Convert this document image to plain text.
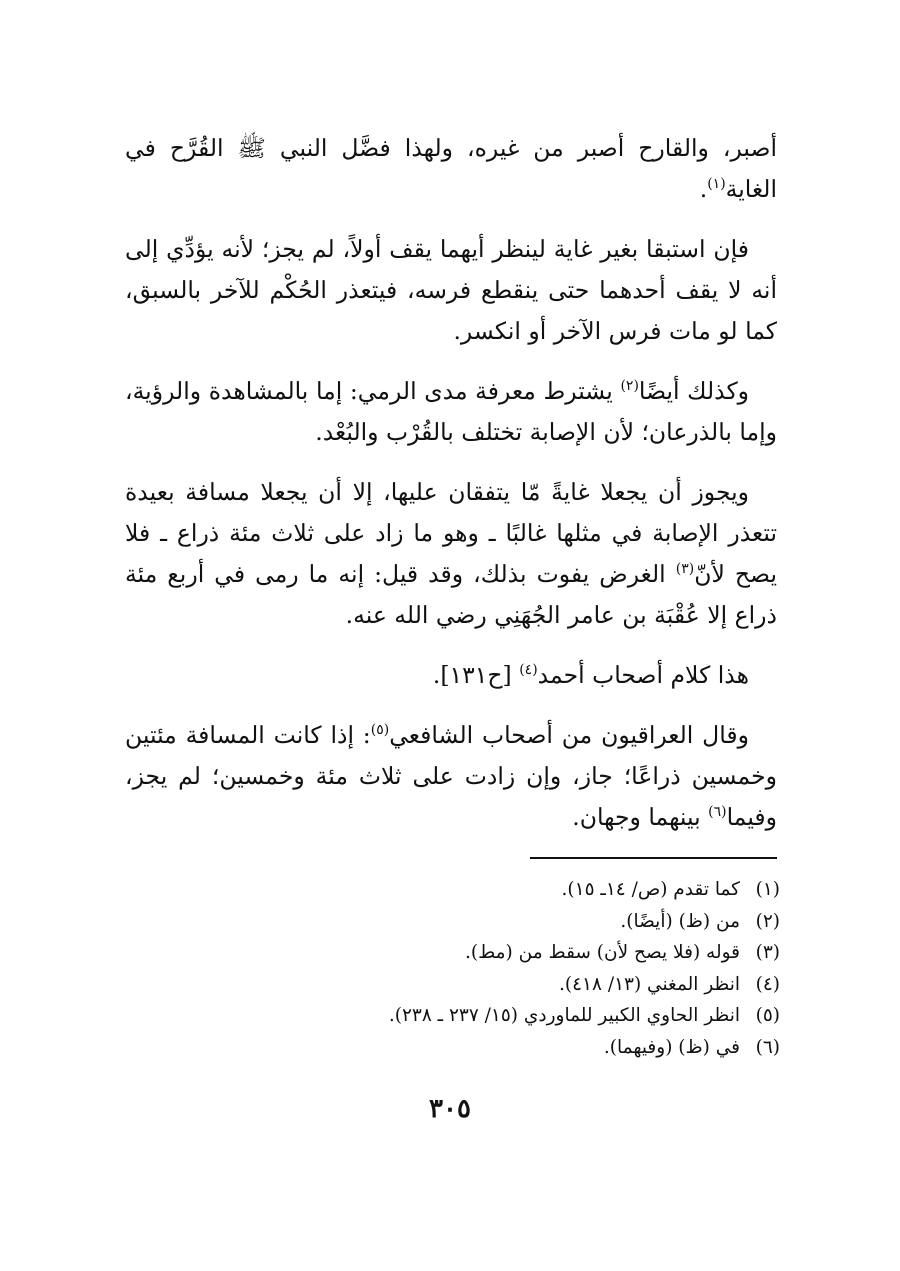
أصبر، والقارح أصبر من غيره، ولهذا فضَّل النبي ﷺ القُرَّح في الغاية$^{(١)}$.

فإن استبقا بغير غاية لينظر أيهما يقف أولاً، لم يجز؛ لأنه يؤدِّي إلى أنه لا يقف أحدهما حتى ينقطع فرسه، فيتعذر الحُكْم للآخر بالسبق، كما لو مات فرس الآخر أو انكسر.

وكذلك أيضًا$^{(٢)}$ يشترط معرفة مدى الرمي: إما بالمشاهدة والرؤية، وإما بالذرعان؛ لأن الإصابة تختلف بالقُرْب والبُعْد.

ويجوز أن يجعلا غايةً مّا يتفقان عليها، إلا أن يجعلا مسافة بعيدة تتعذر الإصابة في مثلها غالبًا ـ وهو ما زاد على ثلاث مئة ذراع ـ فلا يصح لأنّ$^{(٣)}$ الغرض يفوت بذلك، وقد قيل: إنه ما رمى في أربع مئة ذراع إلا عُقْبَة بن عامر الجُهَنِي رضي الله عنه.

هذا كلام أصحاب أحمد$^{(٤)}$ [ح١٣١].

وقال العراقيون من أصحاب الشافعي$^{(٥)}$: إذا كانت المسافة مئتين وخمسين ذراعًا؛ جاز، وإن زادت على ثلاث مئة وخمسين؛ لم يجز، وفيما$^{(٦)}$ بينهما وجهان.

(١)كما تقدم (ص/ ١٤ـ ١٥).
(٢)من (ظ) (أيضًا).
(٣)قوله (فلا يصح لأن) سقط من (مط).
(٤)انظر المغني (١٣/ ٤١٨).
(٥)انظر الحاوي الكبير للماوردي (١٥/ ٢٣٧ ـ ٢٣٨).
(٦)في (ظ) (وفيهما).
٣٠٥
